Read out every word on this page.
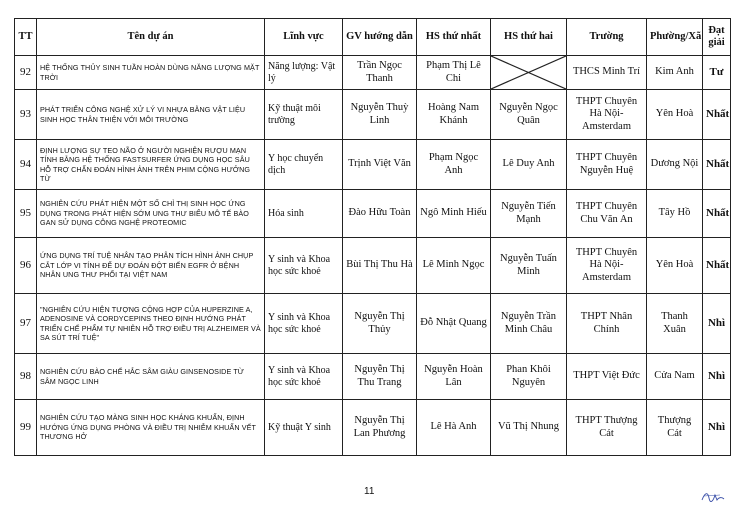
TT	Tên dự án	Lĩnh vực	GV hướng dẫn	HS thứ nhất	HS thứ hai	Trường	Phường/Xã	Đạt giải
92	HỆ THỐNG THỦY SINH TUẦN HOÀN DÙNG NĂNG LƯỢNG MẶT TRỜI	Năng lượng: Vật lý	Trần Ngọc Thanh	Phạm Thị Lê Chi		THCS Minh Trí	Kim Anh	Tư
93	PHÁT TRIỂN CÔNG NGHỆ XỬ LÝ VI NHỰA BẰNG VẬT LIỆU SINH HỌC THÂN THIỆN VỚI MÔI TRƯỜNG	Kỹ thuật môi trường	Nguyễn Thuỳ Linh	Hoàng Nam Khánh	Nguyễn Ngọc Quân	THPT Chuyên Hà Nội-Amsterdam	Yên Hoà	Nhất
94	ĐỊNH LƯỢNG SỰ TEO NÃO Ở NGƯỜI NGHIỆN RƯỢU MẠN TÍNH BẰNG HỆ THỐNG FASTSURFER ỨNG DỤNG HỌC SÂU HỖ TRỢ CHẨN ĐOÁN HÌNH ẢNH TRÊN PHIM CỘNG HƯỞNG TỪ	Y học chuyển dịch	Trịnh Việt Văn	Phạm Ngọc Anh	Lê Duy Anh	THPT Chuyên Nguyễn Huệ	Dương Nội	Nhất
95	NGHIÊN CỨU PHÁT HIỆN MỘT SỐ CHỈ THỊ SINH HỌC ỨNG DỤNG TRONG PHÁT HIỆN SỚM UNG THƯ BIỂU MÔ TẾ BÀO GAN SỬ DỤNG CÔNG NGHỆ PROTEOMIC	Hóa sinh	Đào Hữu Toàn	Ngô Minh Hiếu	Nguyễn Tiến Mạnh	THPT Chuyên Chu Văn An	Tây Hồ	Nhất
96	ỨNG DỤNG TRÍ TUỆ NHÂN TẠO PHÂN TÍCH HÌNH ẢNH CHỤP CẮT LỚP VI TÍNH ĐỂ DỰ ĐOÁN ĐỘT BIẾN EGFR Ở BỆNH NHÂN UNG THƯ PHỔI TẠI VIỆT NAM	Y sinh và Khoa học sức khoẻ	Bùi Thị Thu Hà	Lê Minh Ngọc	Nguyễn Tuấn Minh	THPT Chuyên Hà Nội-Amsterdam	Yên Hoà	Nhất
97	"NGHIÊN CỨU HIỆN TƯỢNG CỘNG HỢP CỦA HUPERZINE A, ADENOSINE VÀ CORDYCEPINS THEO ĐỊNH HƯỚNG PHÁT TRIỂN CHẾ PHẨM TỰ NHIÊN HỖ TRỢ ĐIỀU TRỊ ALZHEIMER VÀ SA SÚT TRÍ TUỆ"	Y sinh và Khoa học sức khoẻ	Nguyễn Thị Thủy	Đỗ Nhật Quang	Nguyễn Trần Minh Châu	THPT Nhân Chính	Thanh Xuân	Nhì
98	NGHIÊN CỨU BÀO CHẾ HẮC SÂM GIÀU GINSENOSIDE TỪ SÂM NGỌC LINH	Y sinh và Khoa học sức khoẻ	Nguyễn Thị Thu Trang	Nguyễn Hoàn Lân	Phan Khôi Nguyên	THPT Việt Đức	Cửa Nam	Nhì
99	NGHIÊN CỨU TẠO MÀNG SINH HỌC KHÁNG KHUẨN, ĐỊNH HƯỚNG ỨNG DỤNG PHÒNG VÀ ĐIỀU TRỊ NHIỄM KHUẨN VẾT THƯƠNG HỞ	Kỹ thuật Y sinh	Nguyễn Thị Lan Phương	Lê Hà Anh	Vũ Thị Nhung	THPT Thượng Cát	Thượng Cát	Nhì
11
